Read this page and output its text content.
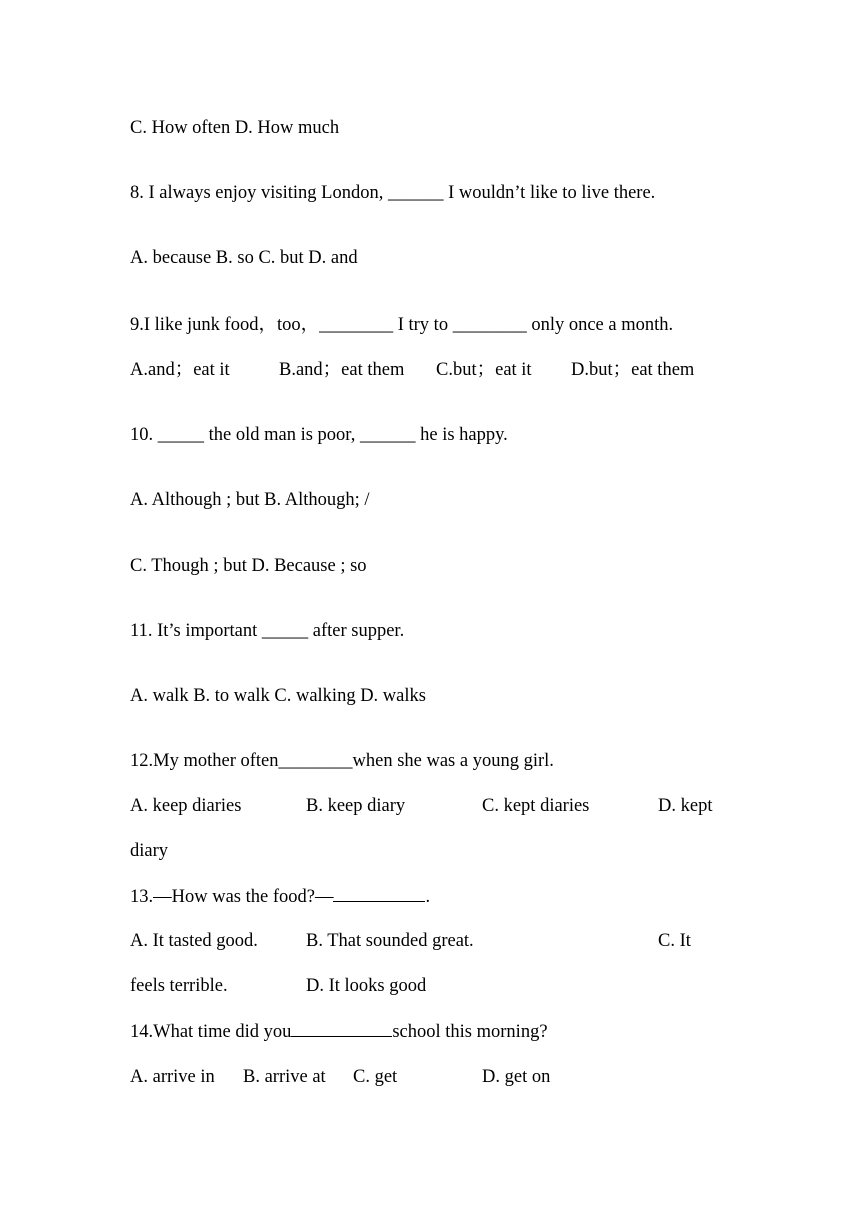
C. How often D. How much
8. I always enjoy visiting London, ______ I wouldn’t like to live there.
A. because B. so C. but D. and
9.I like junk food，too，________ I try to ________ only once a month.
A.and；eat it	B.and；eat them C.but；eat it D.but；eat them
10. _____ the old man is poor, ______ he is happy.
A. Although ; but B. Although; /
C. Though ; but D. Because ; so
11. It’s important _____ after supper.
A. walk B. to walk C. walking D. walks
12.My mother often________when she was a young girl.
A. keep diaries	B. keep diary	C. kept diaries	D. kept
diary
13.—How was the food?—	.
A. It tasted good.	B. That sounded great.	C. It
feels terrible.	D. It looks good
14.What time did you	school this morning?
A. arrive in B. arrive at C. get	D. get on
